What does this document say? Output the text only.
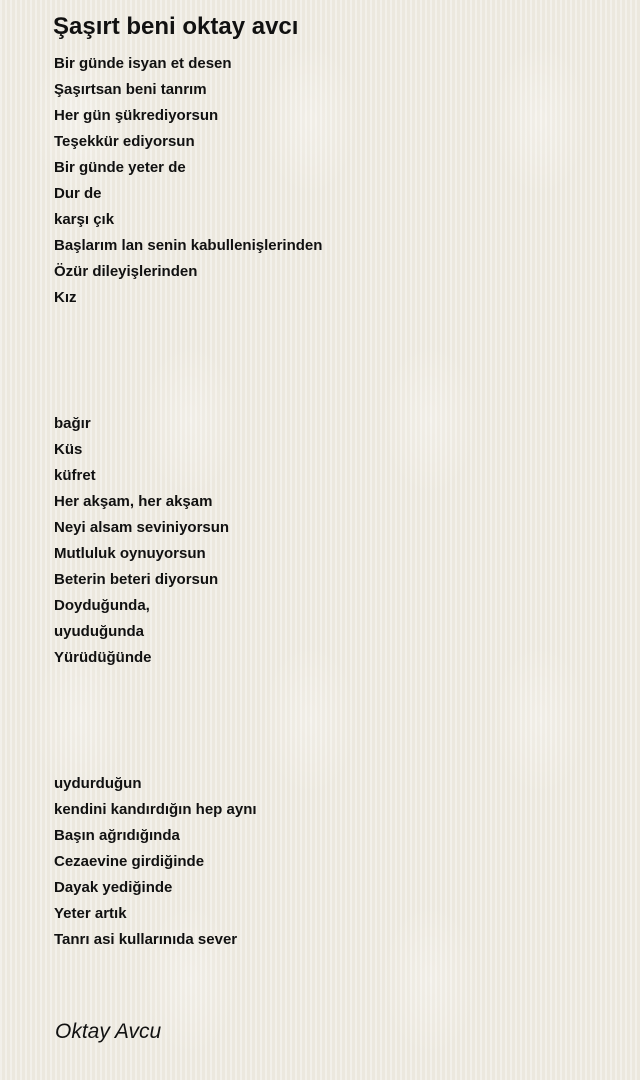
Şaşırt beni oktay avcı
Bir günde isyan et desen
Şaşırtsan beni tanrım
Her gün şükrediyorsun
Teşekkür ediyorsun
Bir günde yeter de
Dur de
karşı çık
Başlarım lan senin kabullenişlerinden
Özür dileyişlerinden
Kız
bağır
Küs
küfret
Her akşam, her akşam
Neyi alsam seviniyorsun
Mutluluk oynuyorsun
Beterin beteri diyorsun
Doyduğunda,
uyuduğunda
Yürüdüğünde
uydurduğun
kendini kandırdığın hep aynı
Başın ağrıdığında
Cezaevine girdiğinde
Dayak yediğinde
Yeter artık
Tanrı asi kullarınıda sever
Oktay Avcu
